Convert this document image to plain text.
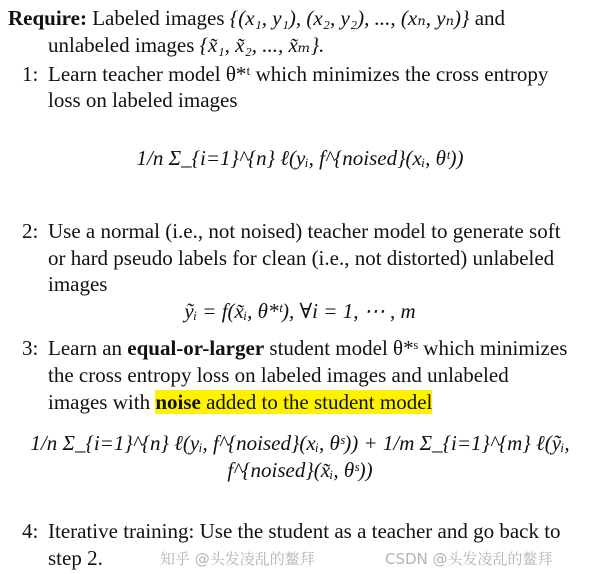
Require: Labeled images {(x₁, y₁), (x₂, y₂), ..., (xₙ, yₙ)} and
unlabeled images {x̃₁, x̃₂, ..., x̃ₘ}.
1: Learn teacher model θ*ᵗ which minimizes the cross entropy
loss on labeled images
1/n Σ_{i=1}^{n} ℓ(yᵢ, f^{noised}(xᵢ, θᵗ))
2: Use a normal (i.e., not noised) teacher model to generate soft
or hard pseudo labels for clean (i.e., not distorted) unlabeled
images
ỹᵢ = f(x̃ᵢ, θ*ᵗ), ∀i = 1, ⋯ , m
3: Learn an equal-or-larger student model θ*ˢ which minimizes
the cross entropy loss on labeled images and unlabeled
images with noise added to the student model
1/n Σ_{i=1}^{n} ℓ(yᵢ, f^{noised}(xᵢ, θˢ)) + 1/m Σ_{i=1}^{m} ℓ(ỹᵢ, f^{noised}(x̃ᵢ, θˢ))
4: Iterative training: Use the student as a teacher and go back to
step 2.	知乎 @头发凌乱的鳌拜	CSDN @头发凌乱的鳌拜
